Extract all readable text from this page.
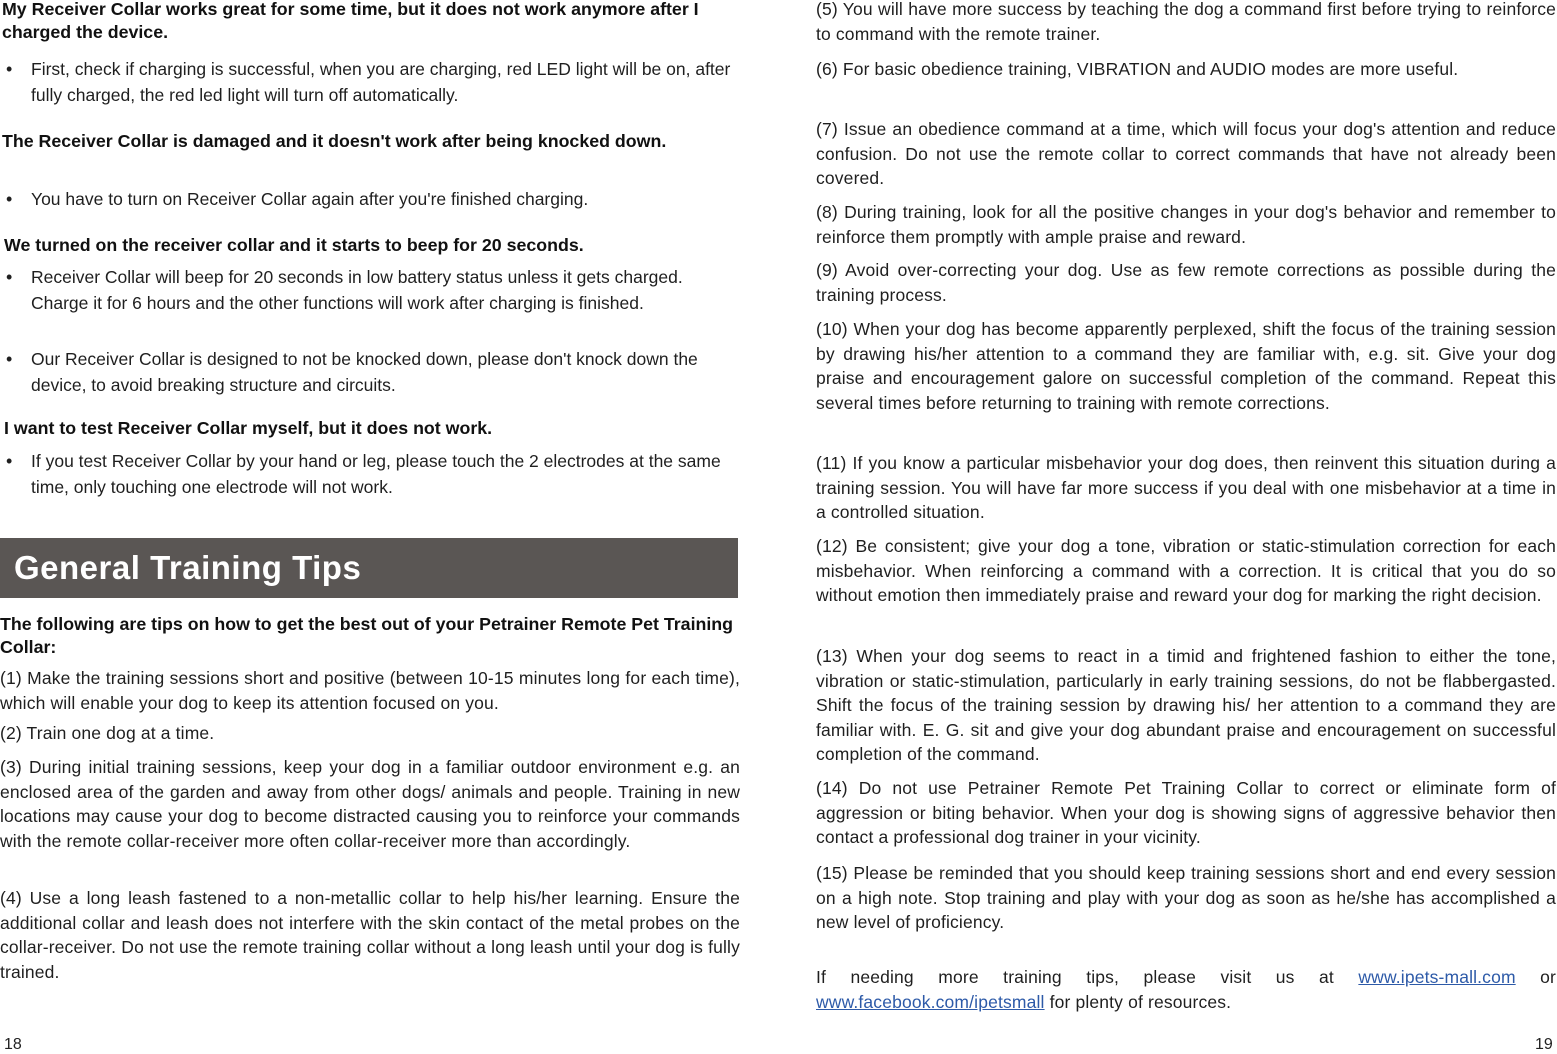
My Receiver Collar works great for some time, but it does not work anymore after I charged the device.

• First, check if charging is successful, when you are charging, red LED light will be on, after fully charged, the red led light will turn off automatically.

The Receiver Collar is damaged and it doesn't work after being knocked down.

• You have to turn on Receiver Collar again after you're finished charging.

We turned on the receiver collar and it starts to beep for 20 seconds.

• Receiver Collar will beep for 20 seconds in low battery status unless it gets charged. Charge it for 6 hours and the other functions will work after charging is finished.

• Our Receiver Collar is designed to not be knocked down, please don't knock down the device, to avoid breaking structure and circuits.

I want to test Receiver Collar myself, but it does not work.

• If you test Receiver Collar by your hand or leg, please touch the 2 electrodes at the same time, only touching one electrode will not work.

General Training Tips

The following are tips on how to get the best out of your Petrainer Remote Pet Training Collar:

(1) Make the training sessions short and positive (between 10-15 minutes long for each time), which will enable your dog to keep its attention focused on you.

(2) Train one dog at a time.

(3) During initial training sessions, keep your dog in a familiar outdoor environment e.g. an enclosed area of the garden and away from other dogs/ animals and people. Training in new locations may cause your dog to become distracted causing you to reinforce your commands with the remote collar-receiver more often collar-receiver more than accordingly.

(4) Use a long leash fastened to a non-metallic collar to help his/her learning. Ensure the additional collar and leash does not interfere with the skin contact of the metal probes on the collar-receiver. Do not use the remote training collar without a long leash until your dog is fully trained.

18

(5) You will have more success by teaching the dog a command first before trying to reinforce to command with the remote trainer.

(6) For basic obedience training, VIBRATION and AUDIO modes are more useful.

(7) Issue an obedience command at a time, which will focus your dog's attention and reduce confusion. Do not use the remote collar to correct commands that have not already been covered.

(8) During training, look for all the positive changes in your dog's behavior and remember to reinforce them promptly with ample praise and reward.

(9) Avoid over-correcting your dog. Use as few remote corrections as possible during the training process.

(10) When your dog has become apparently perplexed, shift the focus of the training session by drawing his/her attention to a command they are familiar with, e.g. sit. Give your dog praise and encouragement galore on successful completion of the command. Repeat this several times before returning to training with remote corrections.

(11) If you know a particular misbehavior your dog does, then reinvent this situation during a training session. You will have far more success if you deal with one misbehavior at a time in a controlled situation.

(12) Be consistent; give your dog a tone, vibration or static-stimulation correction for each misbehavior. When reinforcing a command with a correction. It is critical that you do so without emotion then immediately praise and reward your dog for marking the right decision.

(13) When your dog seems to react in a timid and frightened fashion to either the tone, vibration or static-stimulation, particularly in early training sessions, do not be flabbergasted. Shift the focus of the training session by drawing his/ her attention to a command they are familiar with. E. G. sit and give your dog abundant praise and encouragement on successful completion of the command.

(14) Do not use Petrainer Remote Pet Training Collar to correct or eliminate form of aggression or biting behavior. When your dog is showing signs of aggressive behavior then contact a professional dog trainer in your vicinity.

(15) Please be reminded that you should keep training sessions short and end every session on a high note. Stop training and play with your dog as soon as he/she has accomplished a new level of proficiency.

If needing more training tips, please visit us at www.ipets-mall.com or www.facebook.com/ipetsmall for plenty of resources.

19
